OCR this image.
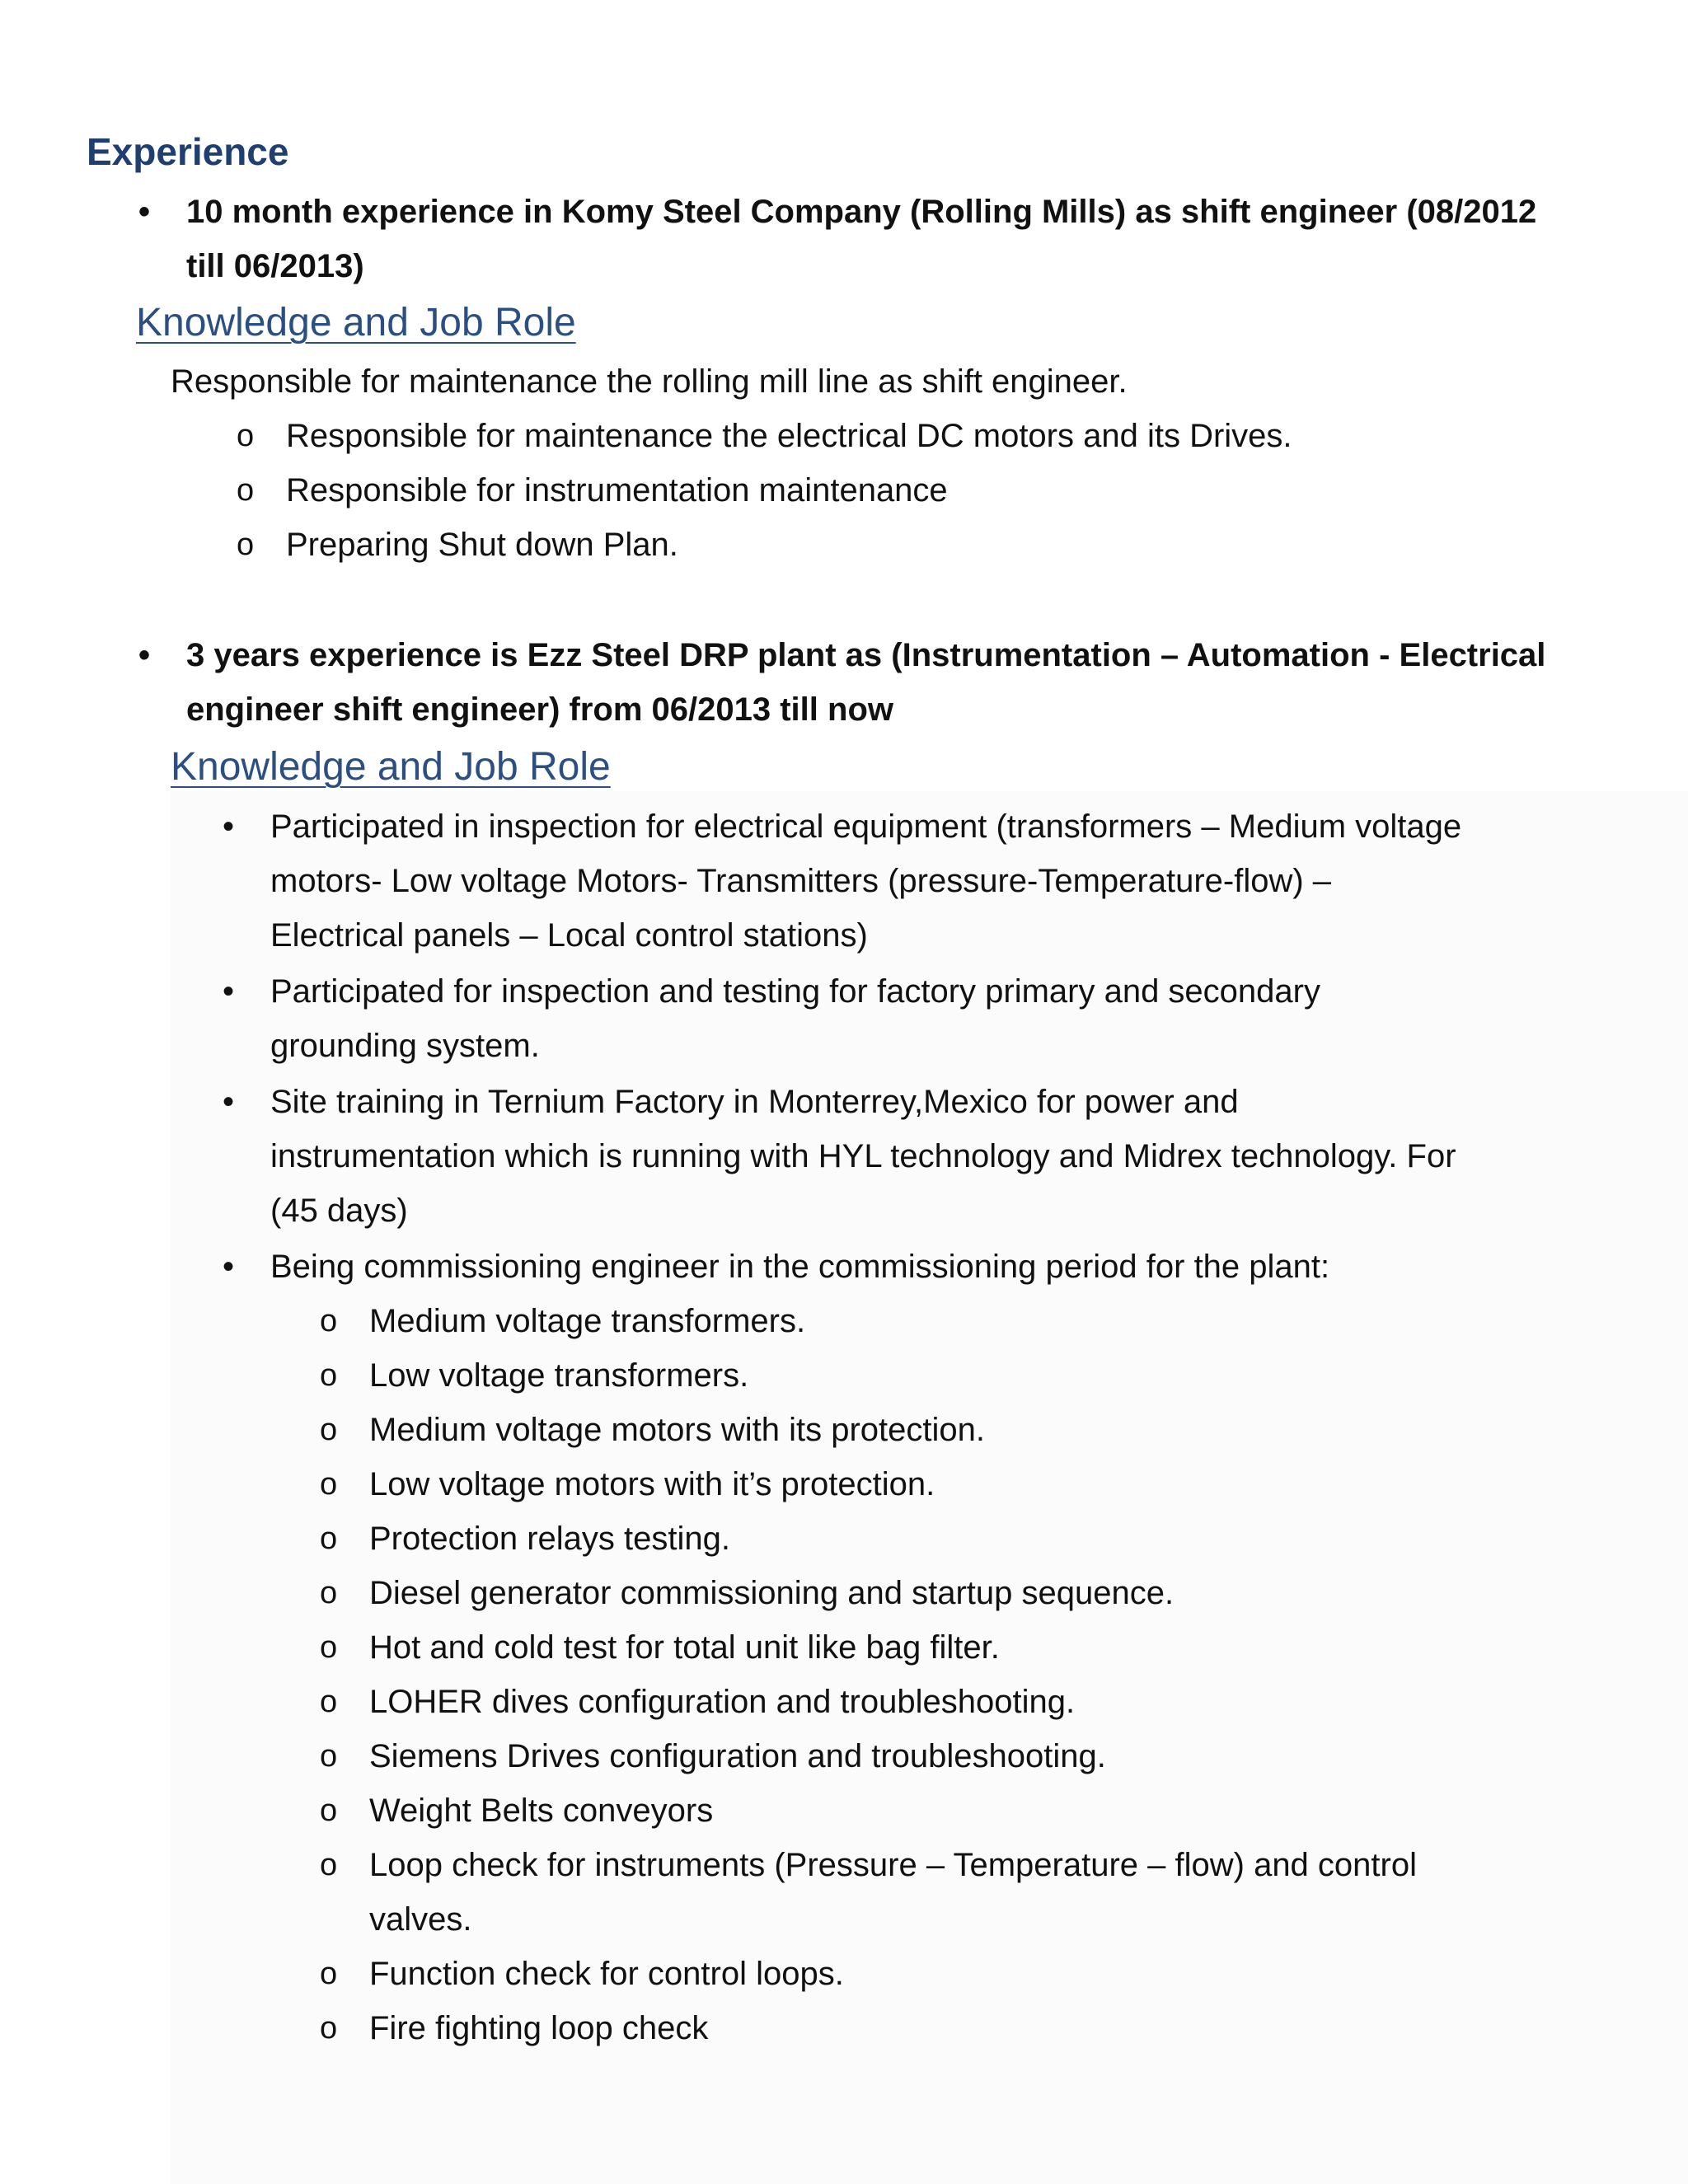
Experience
• 10 month experience in Komy Steel Company (Rolling Mills) as shift engineer (08/2012
till 06/2013)
Knowledge and Job Role
Responsible for maintenance the rolling mill line as shift engineer.
o Responsible for maintenance the electrical DC motors and its Drives.
o Responsible for instrumentation maintenance
o Preparing Shut down Plan.
• 3 years experience is Ezz Steel DRP plant as (Instrumentation – Automation - Electrical
engineer shift engineer) from 06/2013 till now
Knowledge and Job Role
• Participated in inspection for electrical equipment (transformers – Medium voltage
motors- Low voltage Motors- Transmitters (pressure-Temperature-flow) –
Electrical panels – Local control stations)
• Participated for inspection and testing for factory primary and secondary
grounding system.
• Site training in Ternium Factory in Monterrey,Mexico for power and
instrumentation which is running with HYL technology and Midrex technology. For
(45 days)
• Being commissioning engineer in the commissioning period for the plant:
o Medium voltage transformers.
o Low voltage transformers.
o Medium voltage motors with its protection.
o Low voltage motors with it’s protection.
o Protection relays testing.
o Diesel generator commissioning and startup sequence.
o Hot and cold test for total unit like bag filter.
o LOHER dives configuration and troubleshooting.
o Siemens Drives configuration and troubleshooting.
o Weight Belts conveyors
o Loop check for instruments (Pressure – Temperature – flow) and control
valves.
o Function check for control loops.
o Fire fighting loop check
